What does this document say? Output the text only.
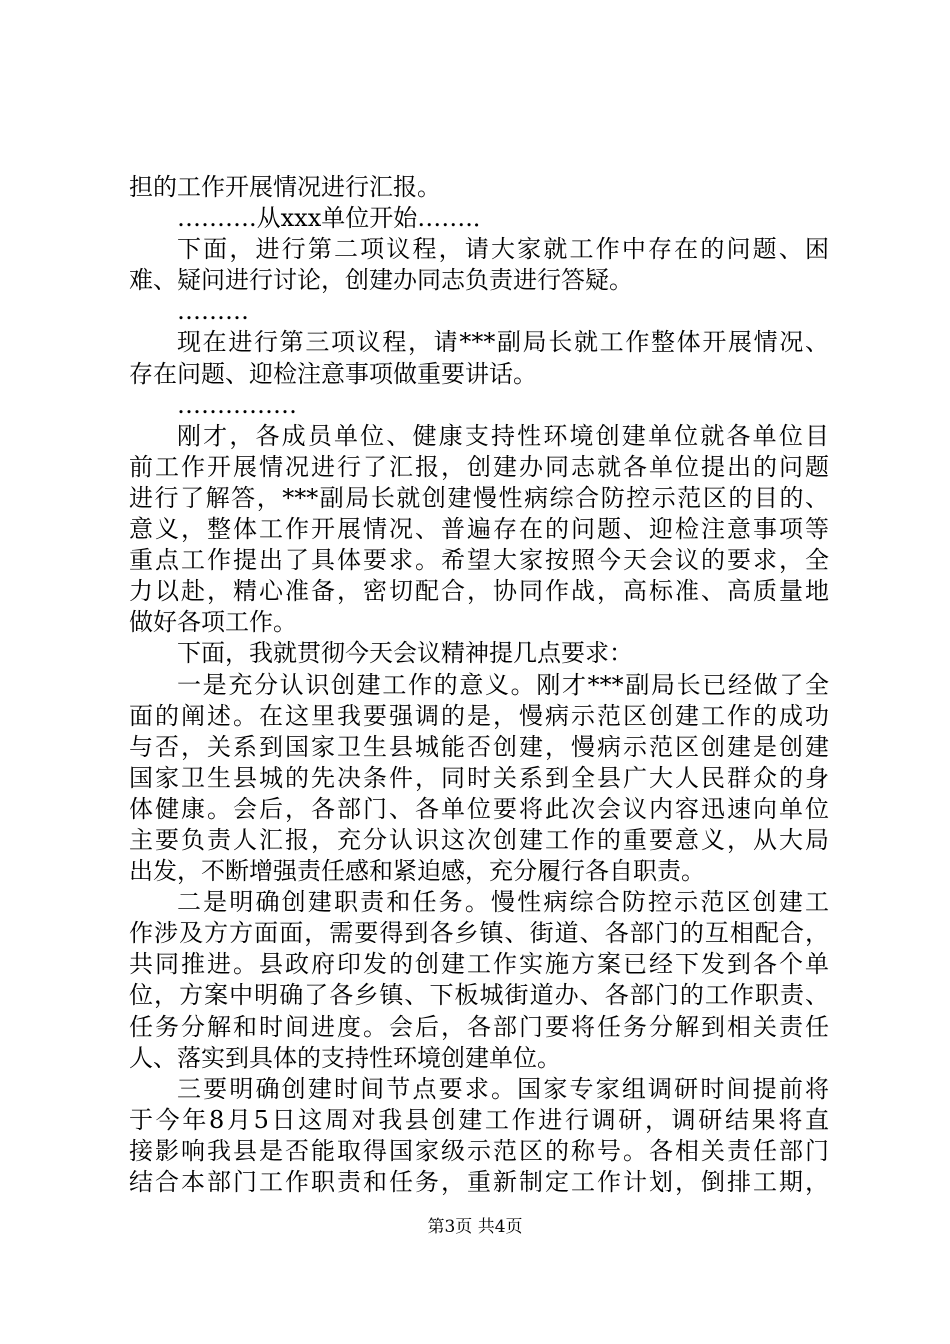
担的工作开展情况进行汇报。
……….从xxx单位开始…….．
下面，进行第二项议程，请大家就工作中存在的问题、困
难、疑问进行讨论，创建办同志负责进行答疑。
………
现在进行第三项议程，请***副局长就工作整体开展情况、
存在问题、迎检注意事项做重要讲话。
……………
刚才，各成员单位、健康支持性环境创建单位就各单位目
前工作开展情况进行了汇报，创建办同志就各单位提出的问题
进行了解答，***副局长就创建慢性病综合防控示范区的目的、
意义，整体工作开展情况、普遍存在的问题、迎检注意事项等
重点工作提出了具体要求。希望大家按照今天会议的要求，全
力以赴，精心准备，密切配合，协同作战，高标准、高质量地
做好各项工作。
下面，我就贯彻今天会议精神提几点要求：
一是充分认识创建工作的意义。刚才***副局长已经做了全
面的阐述。在这里我要强调的是，慢病示范区创建工作的成功
与否，关系到国家卫生县城能否创建，慢病示范区创建是创建
国家卫生县城的先决条件，同时关系到全县广大人民群众的身
体健康。会后，各部门、各单位要将此次会议内容迅速向单位
主要负责人汇报，充分认识这次创建工作的重要意义，从大局
出发，不断增强责任感和紧迫感，充分履行各自职责。
二是明确创建职责和任务。慢性病综合防控示范区创建工
作涉及方方面面，需要得到各乡镇、街道、各部门的互相配合，
共同推进。县政府印发的创建工作实施方案已经下发到各个单
位，方案中明确了各乡镇、下板城街道办、各部门的工作职责、
任务分解和时间进度。会后，各部门要将任务分解到相关责任
人、落实到具体的支持性环境创建单位。
三要明确创建时间节点要求。国家专家组调研时间提前将
于今年8月5日这周对我县创建工作进行调研，调研结果将直
接影响我县是否能取得国家级示范区的称号。各相关责任部门
结合本部门工作职责和任务，重新制定工作计划，倒排工期，
第3页 共4页
